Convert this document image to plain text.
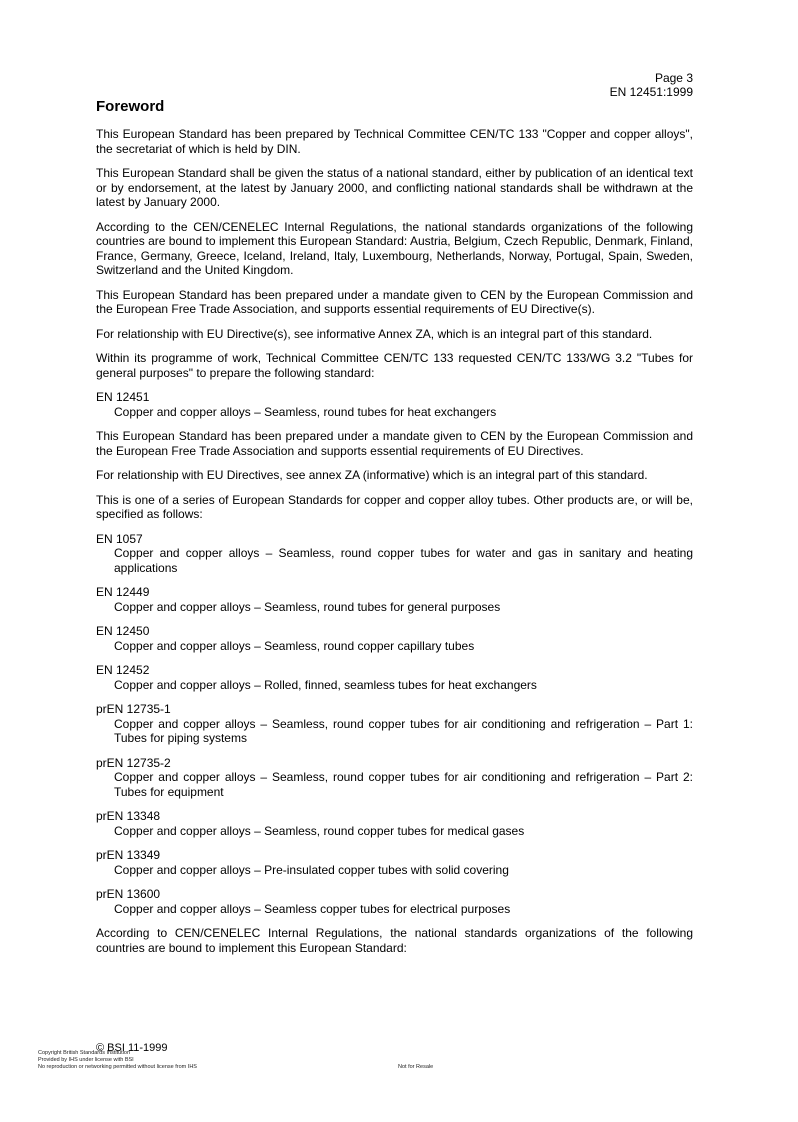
Page 3
EN 12451:1999
Foreword

This European Standard has been prepared by Technical Committee CEN/TC 133 "Copper and copper alloys", the secretariat of which is held by DIN.

This European Standard shall be given the status of a national standard, either by publication of an identical text or by endorsement, at the latest by January 2000, and conflicting national standards shall be withdrawn at the latest by January 2000.

According to the CEN/CENELEC Internal Regulations, the national standards organizations of the following countries are bound to implement this European Standard: Austria, Belgium, Czech Republic, Denmark, Finland, France, Germany, Greece, Iceland, Ireland, Italy, Luxembourg, Netherlands, Norway, Portugal, Spain, Sweden, Switzerland and the United Kingdom.

This European Standard has been prepared under a mandate given to CEN by the European Commission and the European Free Trade Association, and supports essential requirements of EU Directive(s).

For relationship with EU Directive(s), see informative Annex ZA, which is an integral part of this standard.

Within its programme of work, Technical Committee CEN/TC 133 requested CEN/TC 133/WG 3.2 "Tubes for general purposes" to prepare the following standard:

EN 12451
Copper and copper alloys – Seamless, round tubes for heat exchangers

This European Standard has been prepared under a mandate given to CEN by the European Commission and the European Free Trade Association and supports essential requirements of EU Directives.

For relationship with EU Directives, see annex ZA (informative) which is an integral part of this standard.

This is one of a series of European Standards for copper and copper alloy tubes. Other products are, or will be, specified as follows:

EN 1057
Copper and copper alloys – Seamless, round copper tubes for water and gas in sanitary and heating applications
EN 12449
Copper and copper alloys – Seamless, round tubes for general purposes
EN 12450
Copper and copper alloys – Seamless, round copper capillary tubes
EN 12452
Copper and copper alloys – Rolled, finned, seamless tubes for heat exchangers
prEN 12735-1
Copper and copper alloys – Seamless, round copper tubes for air conditioning and refrigeration – Part 1: Tubes for piping systems
prEN 12735-2
Copper and copper alloys – Seamless, round copper tubes for air conditioning and refrigeration – Part 2: Tubes for equipment
prEN 13348
Copper and copper alloys – Seamless, round copper tubes for medical gases
prEN 13349
Copper and copper alloys – Pre-insulated copper tubes with solid covering
prEN 13600
Copper and copper alloys – Seamless copper tubes for electrical purposes

According to CEN/CENELEC Internal Regulations, the national standards organizations of the following countries are bound to implement this European Standard:

© BSI 11-1999
Copyright British Standards Institution
Provided by IHS under license with BSI
No reproduction or networking permitted without license from IHS	Not for Resale
